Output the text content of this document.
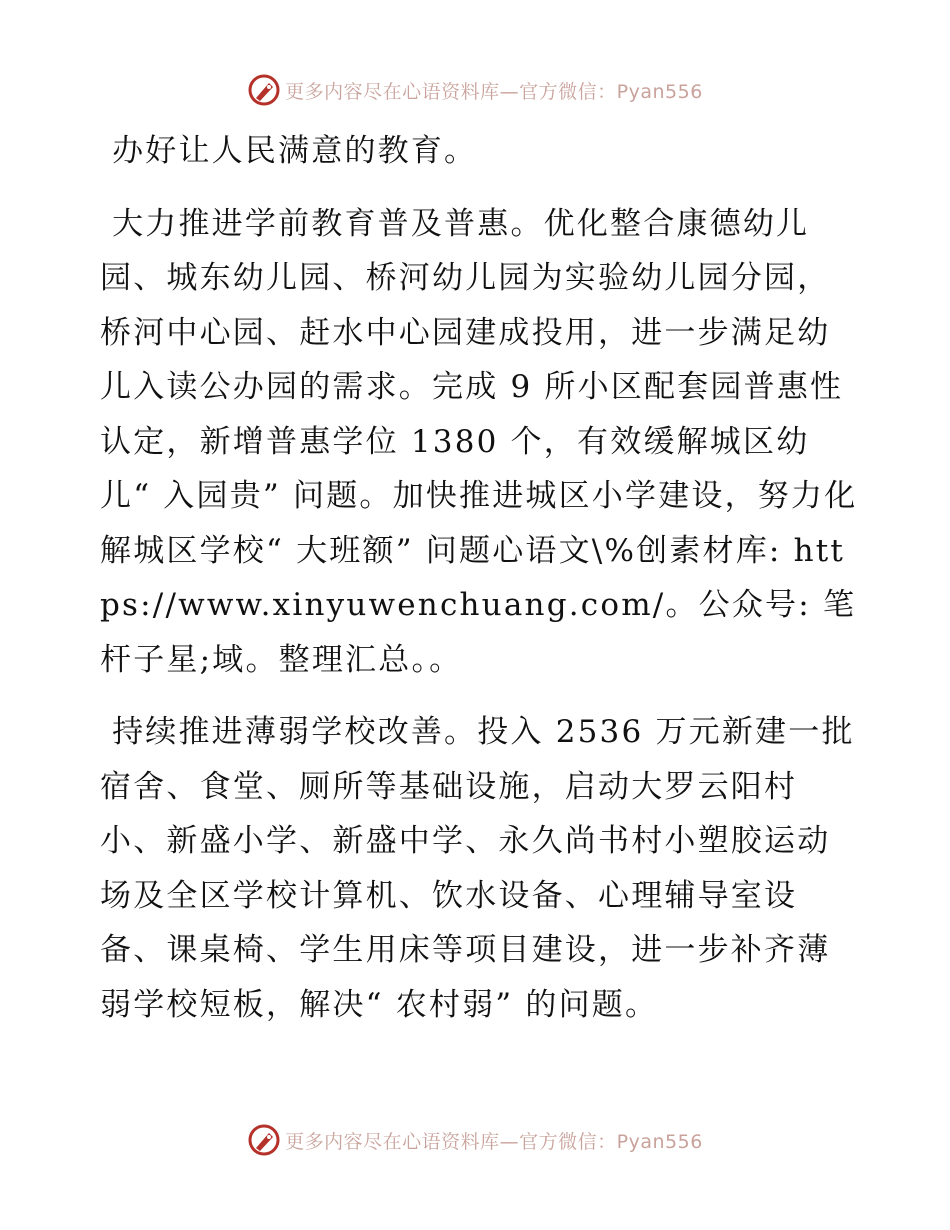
更多内容尽在心语资料库—官方微信：Pyan556

办好让人民满意的教育。

大力推进学前教育普及普惠。优化整合康德幼儿园、城东幼儿园、桥河幼儿园为实验幼儿园分园，桥河中心园、赶水中心园建成投用，进一步满足幼儿入读公办园的需求。完成 9 所小区配套园普惠性认定，新增普惠学位 1380 个，有效缓解城区幼儿“ 入园贵” 问题。加快推进城区小学建设，努力化解城区学校“ 大班额” 问题心语文\%创素材库: https://www.xinyuwenchuang.com/。公众号: 笔杆子星;域。整理汇总。。

持续推进薄弱学校改善。投入 2536 万元新建一批宿舍、食堂、厕所等基础设施，启动大罗云阳村小、新盛小学、新盛中学、永久尚书村小塑胶运动场及全区学校计算机、饮水设备、心理辅导室设备、课桌椅、学生用床等项目建设，进一步补齐薄弱学校短板，解决“ 农村弱” 的问题。

更多内容尽在心语资料库—官方微信：Pyan556
